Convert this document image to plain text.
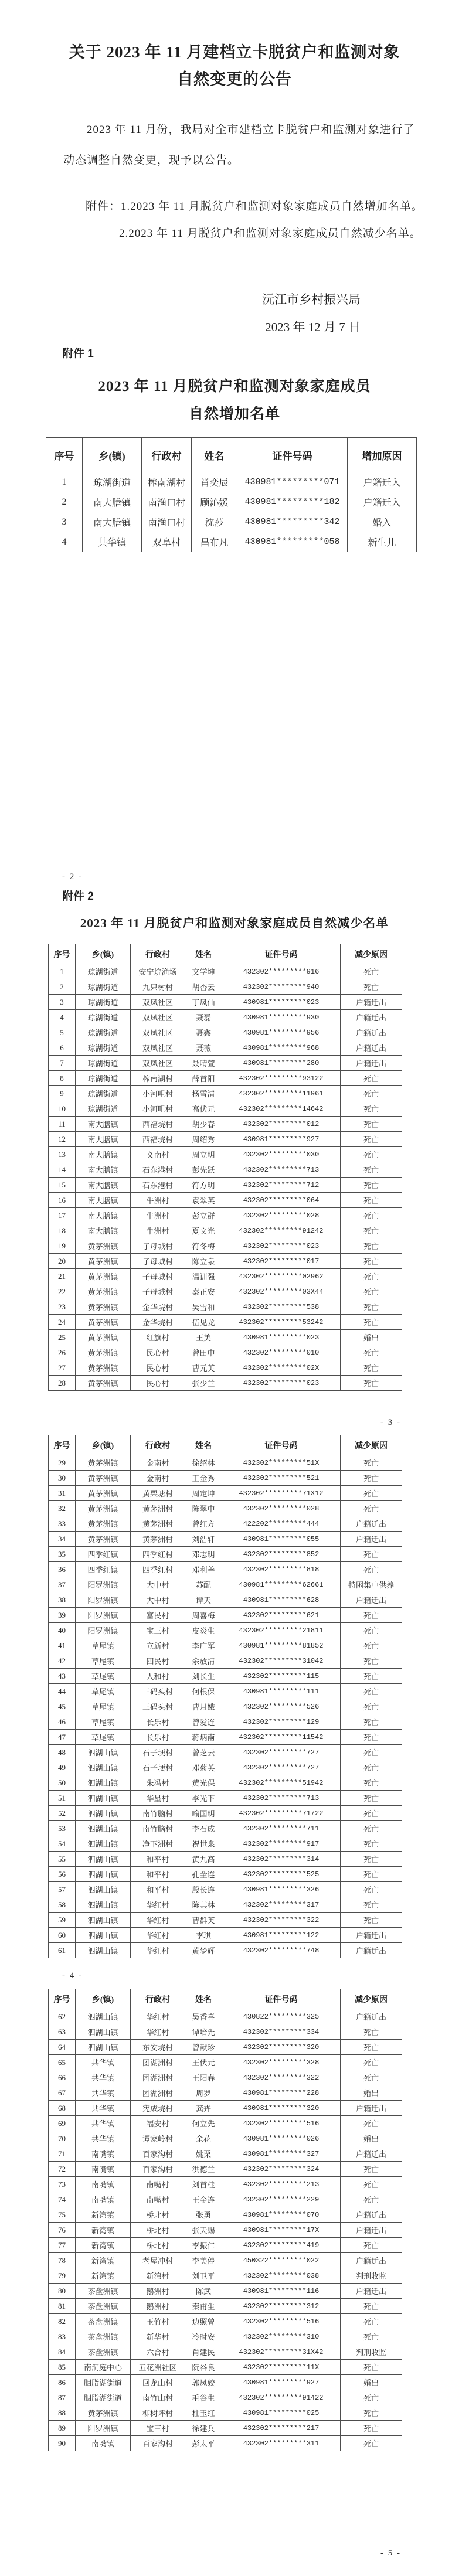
关于 2023 年 11 月建档立卡脱贫户和监测对象
自然变更的公告
2023 年 11 月份，我局对全市建档立卡脱贫户和监测对象进行了动态调整自然变更，现予以公告。
附件：1.2023 年 11 月脱贫户和监测对象家庭成员自然增加名单。
2.2023 年 11 月脱贫户和监测对象家庭成员自然减少名单。
沅江市乡村振兴局
2023 年 12 月 7 日
附件 1
2023 年 11 月脱贫户和监测对象家庭成员
自然增加名单
序号	乡(镇)	行政村	姓名	证件号码	增加原因
1	琼湖街道	榨南湖村	肖奕辰	430981*********071	户籍迁入
2	南大膳镇	南渔口村	顾沁媛	430981*********182	户籍迁入
3	南大膳镇	南渔口村	沈莎	430981*********342	婚入
4	共华镇	双阜村	昌布凡	430981*********058	新生儿
- 2 -
附件 2
2023 年 11 月脱贫户和监测对象家庭成员自然减少名单
序号	乡(镇)	行政村	姓名	证件号码	减少原因
1	琼湖街道	安宁垸渔场	文学坤	432302*********916	死亡
2	琼湖街道	九只树村	胡杏云	432302*********940	死亡
3	琼湖街道	双凤社区	丁凤仙	430981*********023	户籍迁出
4	琼湖街道	双凤社区	聂磊	430981*********930	户籍迁出
5	琼湖街道	双凤社区	聂鑫	430981*********956	户籍迁出
6	琼湖街道	双凤社区	聂薇	430981*********968	户籍迁出
7	琼湖街道	双凤社区	聂晴萱	430981*********280	户籍迁出
8	琼湖街道	榨南湖村	薛首阳	432302*********93122	死亡
9	琼湖街道	小河咀村	杨雪清	432302*********11961	死亡
10	琼湖街道	小河咀村	高伏元	432302*********14642	死亡
11	南大膳镇	西福垸村	胡少春	432302*********012	死亡
12	南大膳镇	西福垸村	周绍秀	430981*********927	死亡
13	南大膳镇	义南村	周立明	432302*********030	死亡
14	南大膳镇	石东港村	彭先跃	432302*********713	死亡
15	南大膳镇	石东港村	符方明	432302*********712	死亡
16	南大膳镇	牛洲村	袁翠英	432302*********064	死亡
17	南大膳镇	牛洲村	彭立群	432302*********028	死亡
18	南大膳镇	牛洲村	夏文光	432302*********91242	死亡
19	黄茅洲镇	子母城村	符冬梅	432302*********023	死亡
20	黄茅洲镇	子母城村	陈立泉	432302*********017	死亡
21	黄茅洲镇	子母城村	温训强	432302*********02962	死亡
22	黄茅洲镇	子母城村	秦正安	432302*********03X44	死亡
23	黄茅洲镇	金华垸村	吴雪和	432302*********538	死亡
24	黄茅洲镇	金华垸村	伍见龙	432302*********53242	死亡
25	黄茅洲镇	红旗村	王美	430981*********023	婚出
26	黄茅洲镇	民心村	曾田中	432302*********010	死亡
27	黄茅洲镇	民心村	曹元英	432302*********02X	死亡
28	黄茅洲镇	民心村	张少兰	432302*********023	死亡
- 3 -
序号	乡(镇)	行政村	姓名	证件号码	减少原因
29	黄茅洲镇	金南村	徐绍林	432302*********51X	死亡
30	黄茅洲镇	金南村	王金秀	432302*********521	死亡
31	黄茅洲镇	黄栗塘村	周定坤	432302*********71X12	死亡
32	黄茅洲镇	黄茅洲村	陈翠中	432302*********028	死亡
33	黄茅洲镇	黄茅洲村	曾红方	422202*********444	户籍迁出
34	黄茅洲镇	黄茅洲村	刘浩轩	430981*********055	户籍迁出
35	四季红镇	四季红村	邓志明	432302*********852	死亡
36	四季红镇	四季红村	邓利善	432302*********818	死亡
37	阳罗洲镇	大中村	苏配	430981*********62661	特困集中供养
38	阳罗洲镇	大中村	谭天	430981*********628	户籍迁出
39	阳罗洲镇	富民村	周喜梅	432302*********621	死亡
40	阳罗洲镇	宝三村	皮炎生	432302*********21811	死亡
41	草尾镇	立新村	李广军	430981*********81852	死亡
42	草尾镇	四民村	余放清	432302*********31042	死亡
43	草尾镇	人和村	刘长生	432302*********115	死亡
44	草尾镇	三码头村	何根保	430981*********111	死亡
45	草尾镇	三码头村	曹月娥	432302*********526	死亡
46	草尾镇	长乐村	曾爱连	432302*********129	死亡
47	草尾镇	长乐村	蒋炳南	432302*********11542	死亡
48	泗湖山镇	石子埂村	曾芝云	432302*********727	死亡
49	泗湖山镇	石子埂村	邓菊英	432302*********727	死亡
50	泗湖山镇	朱冯村	黄光保	432302*********51942	死亡
51	泗湖山镇	华星村	李光下	432302*********713	死亡
52	泗湖山镇	南竹脑村	喻国明	432302*********71722	死亡
53	泗湖山镇	南竹脑村	李石成	432302*********711	死亡
54	泗湖山镇	净下洲村	祝世泉	432302*********917	死亡
55	泗湖山镇	和平村	黄九高	432302*********314	死亡
56	泗湖山镇	和平村	孔金连	432302*********525	死亡
57	泗湖山镇	和平村	殷长连	430981*********326	死亡
58	泗湖山镇	华红村	陈其林	432302*********317	死亡
59	泗湖山镇	华红村	曹群英	432302*********322	死亡
60	泗湖山镇	华红村	李琪	430981*********122	户籍迁出
61	泗湖山镇	华红村	黄梦辉	432302*********748	户籍迁出
- 4 -
序号	乡(镇)	行政村	姓名	证件号码	减少原因
62	泗湖山镇	华红村	吴香喜	430822*********325	户籍迁出
63	泗湖山镇	华红村	谭培先	432302*********334	死亡
64	泗湖山镇	东安垸村	曾献珍	432302*********320	死亡
65	共华镇	团湖洲村	王伏元	432302*********328	死亡
66	共华镇	团湖洲村	王阳春	432302*********322	死亡
67	共华镇	团湖洲村	周罗	430981*********228	婚出
68	共华镇	宪成垸村	龚卉	430981*********320	户籍迁出
69	共华镇	福安村	何立先	432302*********516	死亡
70	共华镇	谭家岭村	余花	430981*********026	婚出
71	南嘴镇	百家沟村	姚栗	430981*********327	户籍迁出
72	南嘴镇	百家沟村	洪德兰	432302*********324	死亡
73	南嘴镇	南嘴村	刘首桂	432302*********213	死亡
74	南嘴镇	南嘴村	王金连	432302*********229	死亡
75	新湾镇	桥北村	张勇	430981*********070	户籍迁出
76	新湾镇	桥北村	张天赐	430981*********17X	户籍迁出
77	新湾镇	桥北村	李振仁	432302*********419	死亡
78	新湾镇	老屋冲村	李美停	450322*********022	户籍迁出
79	新湾镇	新湾村	刘卫平	432302*********038	判刑收监
80	茶盘洲镇	鹅洲村	陈武	430981*********116	户籍迁出
81	茶盘洲镇	鹅洲村	秦甫生	432302*********312	死亡
82	茶盘洲镇	玉竹村	边照曾	432302*********516	死亡
83	茶盘洲镇	新华村	冷时安	432302*********310	死亡
84	茶盘洲镇	六合村	肖建民	432302*********31X42	判刑收监
85	南洞庭中心	五花洲社区	阮谷良	432302*********11X	死亡
86	胭脂湖街道	回龙山村	郭凤姣	430981*********927	婚出
87	胭脂湖街道	南竹山村	毛谷生	432302*********91422	死亡
88	黄茅洲镇	柳树坪村	杜玉红	430981*********025	死亡
89	阳罗洲镇	宝三村	徐建兵	432302*********217	死亡
90	南嘴镇	百家沟村	彭太平	432302*********311	死亡
- 5 -
